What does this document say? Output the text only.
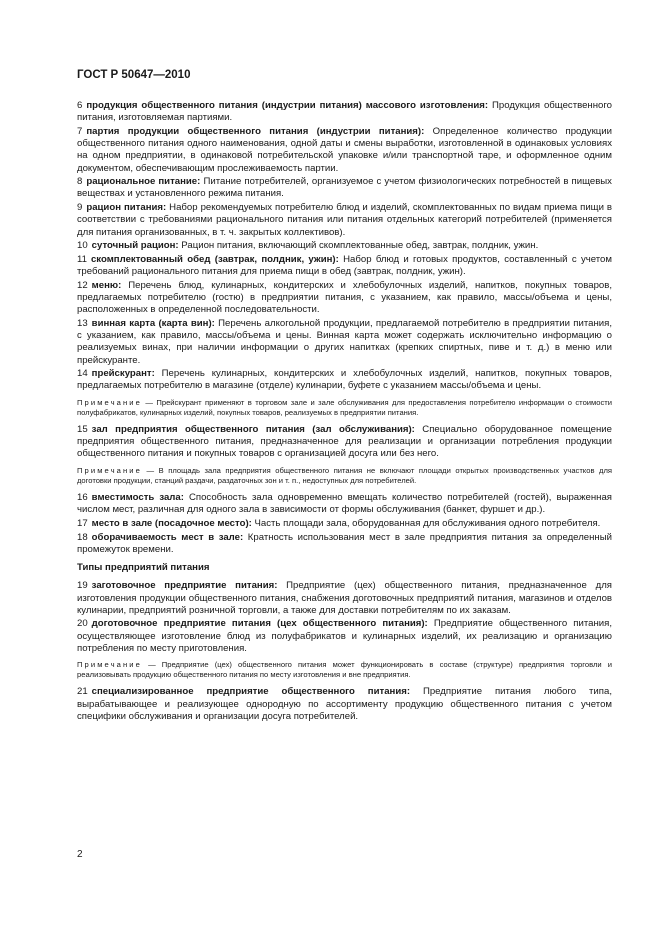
ГОСТ Р 50647—2010

6 продукция общественного питания (индустрии питания) массового изготовления: Продукция общественного питания, изготовляемая партиями.

7 партия продукции общественного питания (индустрии питания): Определенное количество продукции общественного питания одного наименования, одной даты и смены выработки, изготовленной в одинаковых условиях на одном предприятии, в одинаковой потребительской упаковке и/или транспортной таре, и оформленное одним документом, обеспечивающим прослеживаемость партии.

8 рациональное питание: Питание потребителей, организуемое с учетом физиологических потребностей в пищевых веществах и установленного режима питания.

9 рацион питания: Набор рекомендуемых потребителю блюд и изделий, скомплектованных по видам приема пищи в соответствии с требованиями рационального питания или питания отдельных категорий потребителей (применяется для питания организованных, в т. ч. закрытых коллективов).

10 суточный рацион: Рацион питания, включающий скомплектованные обед, завтрак, полдник, ужин.

11 скомплектованный обед (завтрак, полдник, ужин): Набор блюд и готовых продуктов, составленный с учетом требований рационального питания для приема пищи в обед (завтрак, полдник, ужин).

12 меню: Перечень блюд, кулинарных, кондитерских и хлебобулочных изделий, напитков, покупных товаров, предлагаемых потребителю (гостю) в предприятии питания, с указанием, как правило, массы/объема и цены, расположенных в определенной последовательности.

13 винная карта (карта вин): Перечень алкогольной продукции, предлагаемой потребителю в предприятии питания, с указанием, как правило, массы/объема и цены. Винная карта может содержать исключительно информацию о реализуемых винах, при наличии информации о других напитках (крепких спиртных, пиве и т. д.) в меню или прейскуранте.

14 прейскурант: Перечень кулинарных, кондитерских и хлебобулочных изделий, напитков, покупных товаров, предлагаемых потребителю в магазине (отделе) кулинарии, буфете с указанием массы/объема и цены.

Примечание — Прейскурант применяют в торговом зале и зале обслуживания для предоставления потребителю информации о стоимости полуфабрикатов, кулинарных изделий, покупных товаров, реализуемых в предприятии питания.

15 зал предприятия общественного питания (зал обслуживания): Специально оборудованное помещение предприятия общественного питания, предназначенное для реализации и организации потребления продукции общественного питания и покупных товаров с организацией досуга или без него.

Примечание — В площадь зала предприятия общественного питания не включают площади открытых производственных участков для доготовки продукции, станций раздачи, раздаточных зон и т. п., недоступных для потребителей.

16 вместимость зала: Способность зала одновременно вмещать количество потребителей (гостей), выраженная числом мест, различная для одного зала в зависимости от формы обслуживания (банкет, фуршет и др.).

17 место в зале (посадочное место): Часть площади зала, оборудованная для обслуживания одного потребителя.

18 оборачиваемость мест в зале: Кратность использования мест в зале предприятия питания за определенный промежуток времени.

Типы предприятий питания

19 заготовочное предприятие питания: Предприятие (цех) общественного питания, предназначенное для изготовления продукции общественного питания, снабжения доготовочных предприятий питания, магазинов и отделов кулинарии, предприятий розничной торговли, а также для доставки потребителям по их заказам.

20 доготовочное предприятие питания (цех общественного питания): Предприятие общественного питания, осуществляющее изготовление блюд из полуфабрикатов и кулинарных изделий, их реализацию и организацию потребления по месту приготовления.

Примечание — Предприятие (цех) общественного питания может функционировать в составе (структуре) предприятия торговли и реализовывать продукцию общественного питания по месту изготовления и вне предприятия.

21 специализированное предприятие общественного питания: Предприятие питания любого типа, вырабатывающее и реализующее однородную по ассортименту продукцию общественного питания с учетом специфики обслуживания и организации досуга потребителей.

2
